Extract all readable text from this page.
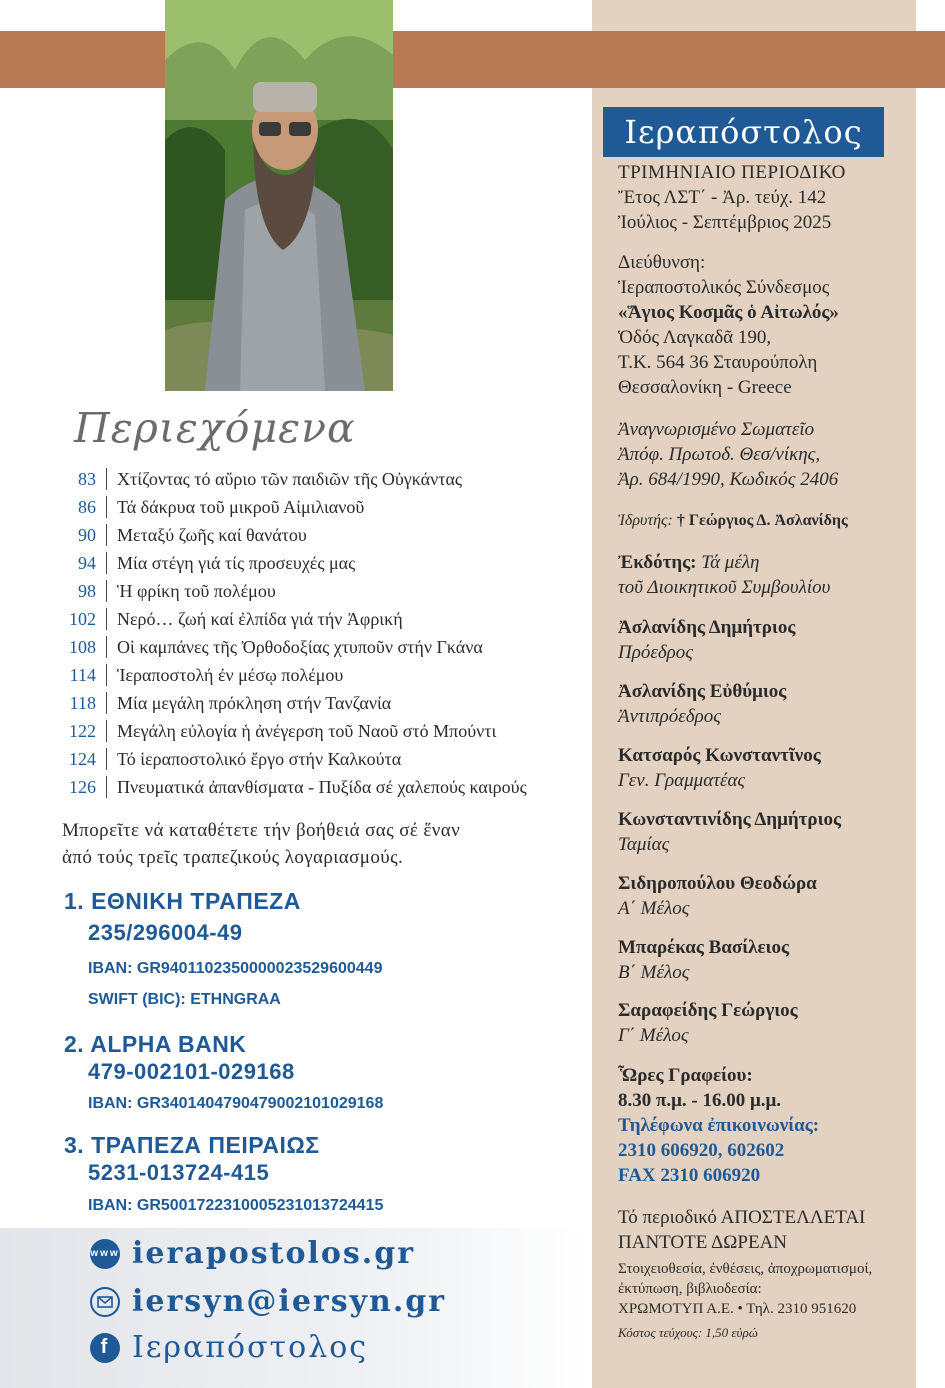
Ιεραπόστολος
ΤΡΙΜΗΝΙΑΙΟ ΠΕΡΙΟΔΙΚΟ
Ἔτος ΛΣΤ΄ - Ἀρ. τεύχ. 142
Ἰούλιος - Σεπτέμβριος 2025
Διεύθυνση:
Ἱεραποστολικός Σύνδεσμος
«Ἅγιος Κοσμᾶς ὁ Αἰτωλός»
Ὁδός Λαγκαδᾶ 190,
Τ.Κ. 564 36 Σταυρούπολη
Θεσσαλονίκη - Greece
Ἀναγνωρισμένο Σωματεῖο
Ἀπόφ. Πρωτοδ. Θεσ/νίκης,
Ἀρ. 684/1990, Κωδικός 2406
Ἱδρυτής: † Γεώργιος Δ. Ἀσλανίδης
Ἐκδότης: Τά μέλη
τοῦ Διοικητικοῦ Συμβουλίου
Ἀσλανίδης Δημήτριος
Πρόεδρος
Ἀσλανίδης Εὐθύμιος
Ἀντιπρόεδρος
Κατσαρός Κωνσταντῖνος
Γεν. Γραμματέας
Κωνσταντινίδης Δημήτριος
Ταμίας
Σιδηροπούλου Θεοδώρα
Α΄ Μέλος
Μπαρέκας Βασίλειος
Β΄ Μέλος
Σαραφείδης Γεώργιος
Γ΄ Μέλος
Ὧρες Γραφείου:
8.30 π.μ. - 16.00 μ.μ.
Τηλέφωνα ἐπικοινωνίας:
2310 606920, 602602
FAX 2310 606920
Τό περιοδικό ΑΠΟΣΤΕΛΛΕΤΑΙ
ΠΑΝΤΟΤΕ ΔΩΡΕΑΝ
Στοιχειοθεσία, ἐνθέσεις, ἀποχρωματισμοί,
ἐκτύπωση, βιβλιοδεσία:
ΧΡΩΜΟΤΥΠ Α.Ε. • Τηλ. 2310 951620
Κόστος τεύχους: 1,50 εὐρώ
Περιεχόμενα
83	Χτίζοντας τό αὔριο τῶν παιδιῶν τῆς Οὐγκάντας
86	Τά δάκρυα τοῦ μικροῦ Αἰμιλιανοῦ
90	Μεταξύ ζωῆς καί θανάτου
94	Μία στέγη γιά τίς προσευχές μας
98	Ἡ φρίκη τοῦ πολέμου
102	Νερό… ζωή καί ἐλπίδα γιά τήν Ἀφρική
108	Οἱ καμπάνες τῆς Ὀρθοδοξίας χτυποῦν στήν Γκάνα
114	Ἱεραποστολή ἐν μέσῳ πολέμου
118	Μία μεγάλη πρόκληση στήν Τανζανία
122	Μεγάλη εὐλογία ἡ ἀνέγερση τοῦ Ναοῦ στό Μπούντι
124	Τό ἱεραποστολικό ἔργο στήν Καλκούτα
126	Πνευματικά ἀπανθίσματα - Πυξίδα σέ χαλεπούς καιρούς
Μπορεῖτε νά καταθέτετε τήν βοήθειά σας σέ ἕναν
ἀπό τούς τρεῖς τραπεζικούς λογαριασμούς.
1. ΕΘΝΙΚΗ ΤΡΑΠΕΖΑ
235/296004-49
IBAN: GR9401102350000023529600449
SWIFT (BIC): ETHNGRAA
2. ALPHA BANK
479-002101-029168
IBAN: GR3401404790479002101029168
3. ΤΡΑΠΕΖΑ ΠΕΙΡΑΙΩΣ
5231-013724-415
IBAN: GR5001722310005231013724415
www ierapostolos.gr
iersyn@iersyn.gr
f Ιεραπόστολος
